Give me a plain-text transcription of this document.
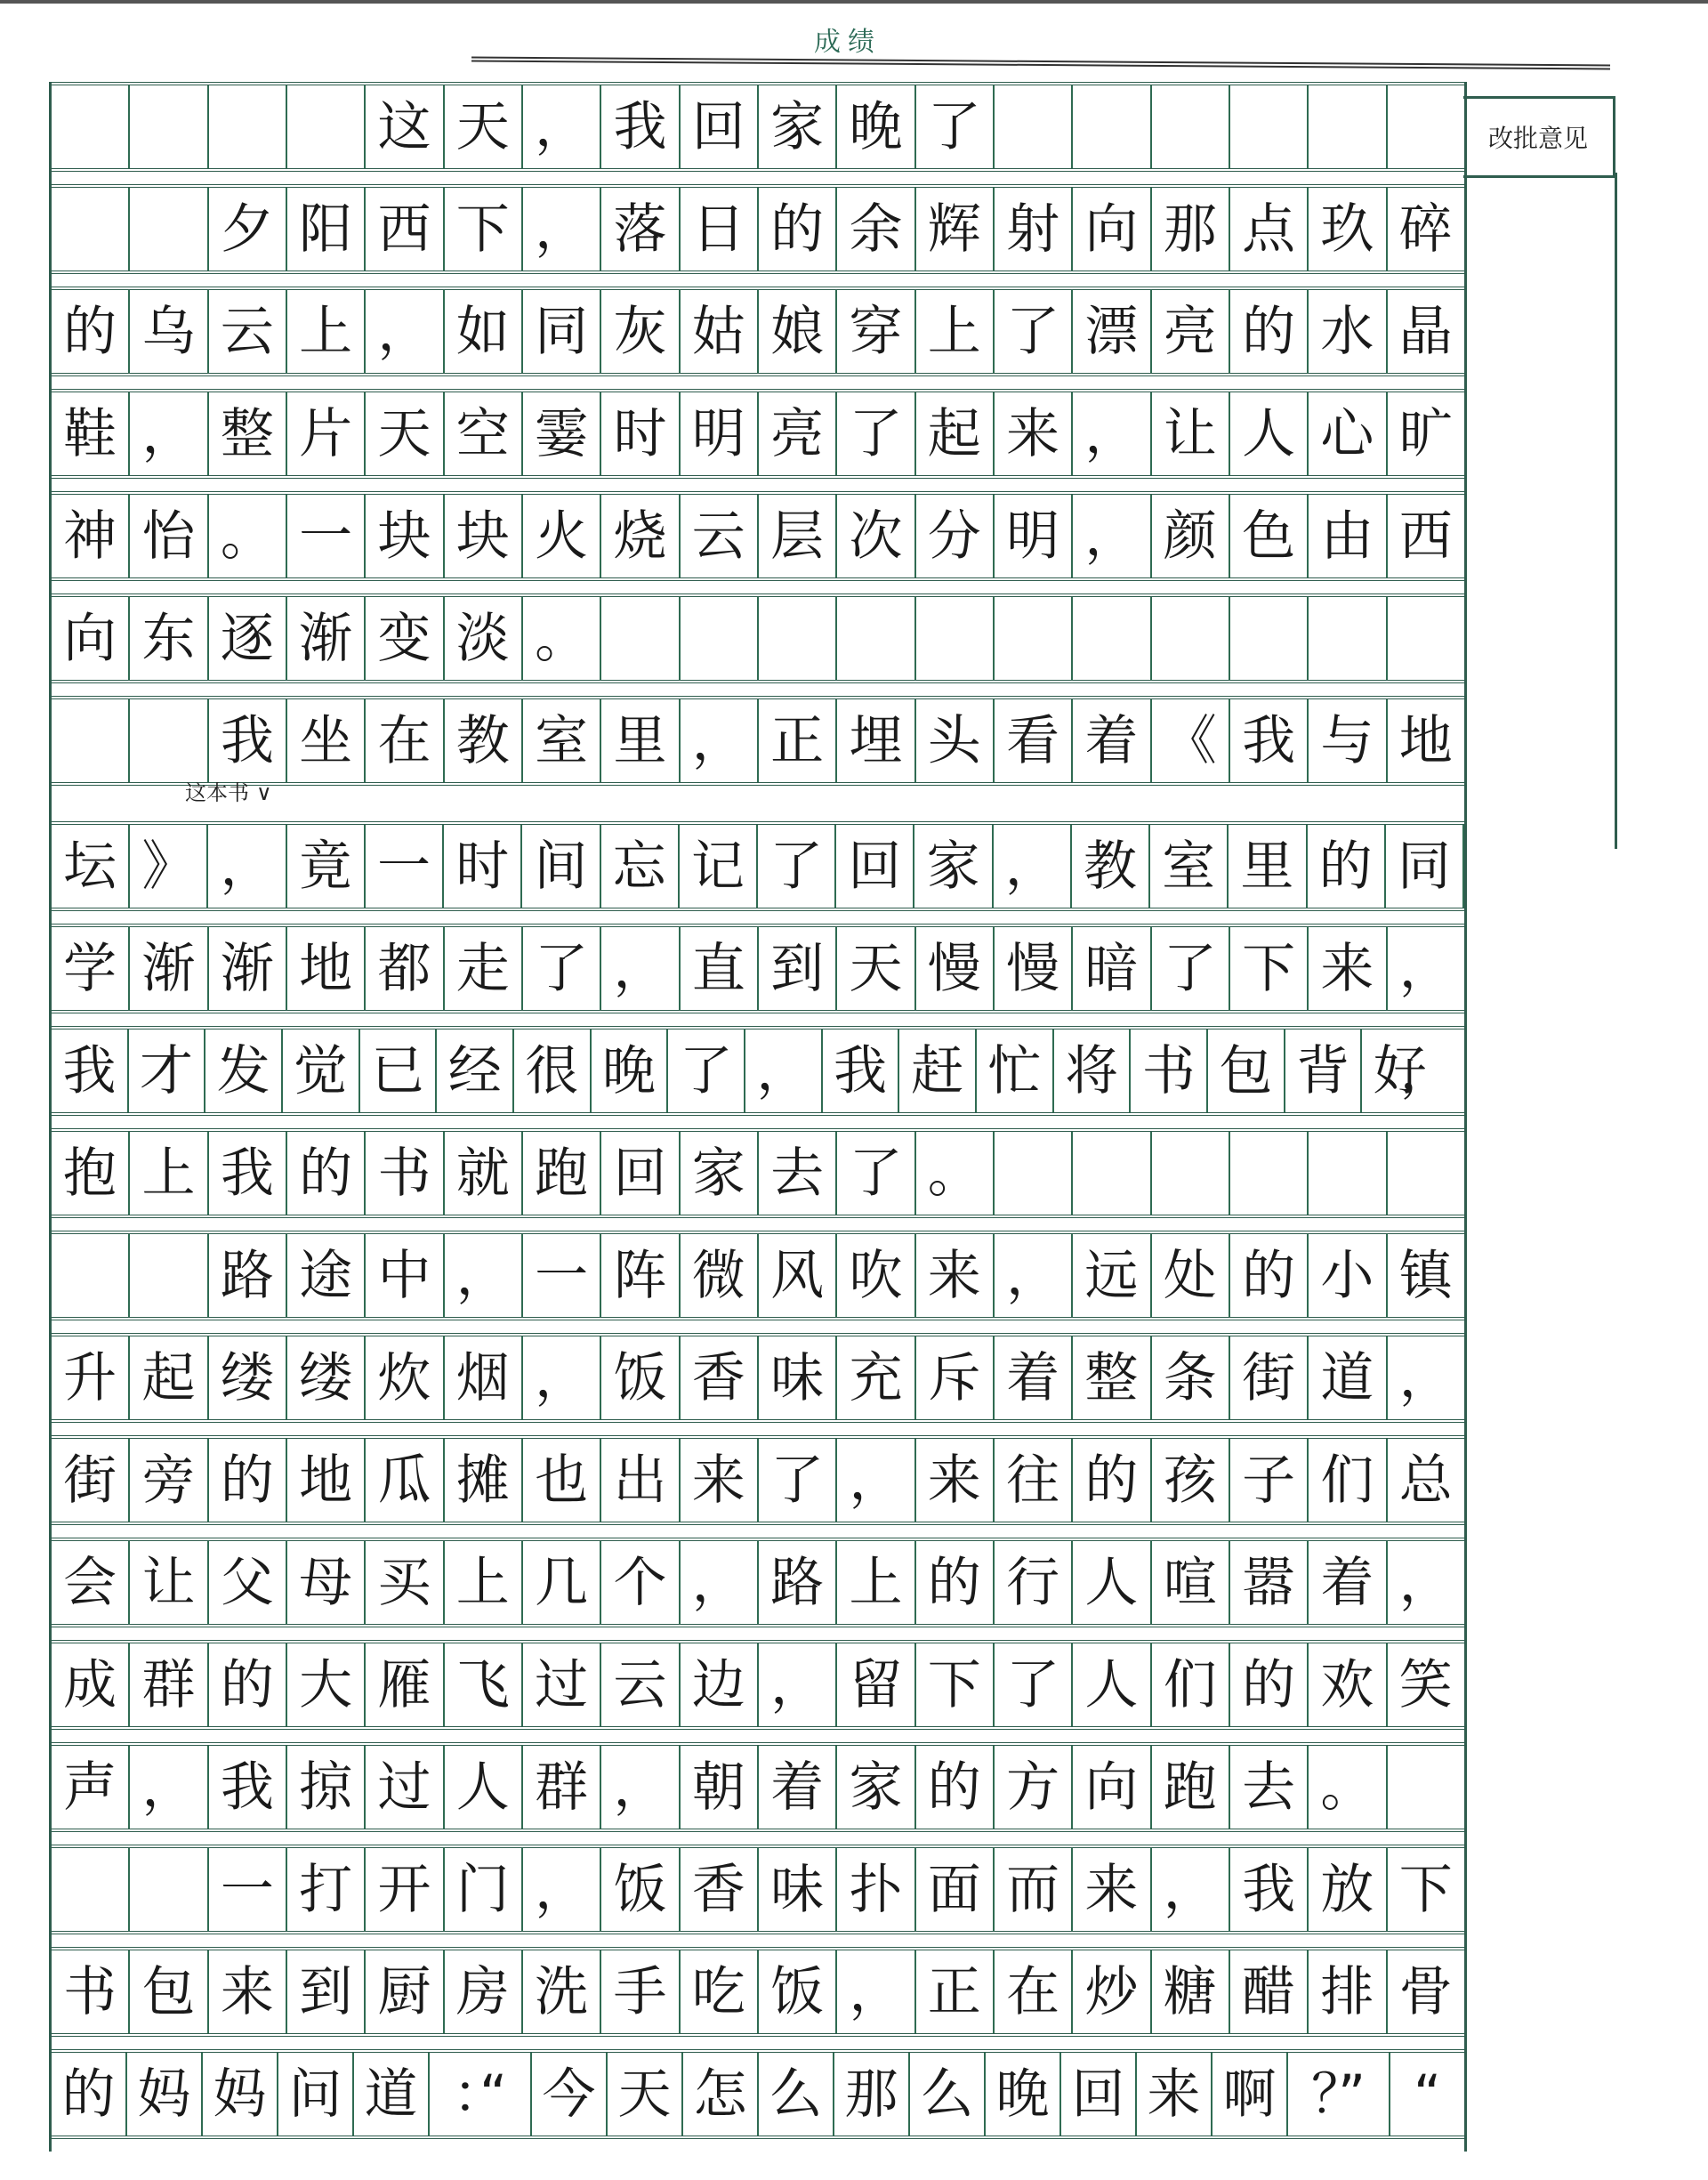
成绩
改批意见
这 天 ， 我 回 家 晚 了
夕 阳 西 下 ， 落 日 的 余 辉 射 向 那 点 玖 碎
的 乌 云 上 ， 如 同 灰 姑 娘 穿 上 了 漂 亮 的 水 晶
鞋 ， 整 片 天 空 霎 时 明 亮 了 起 来 ， 让 人 心 旷
神 怡 。 一 块 块 火 烧 云 层 次 分 明 ， 颜 色 由 西
向 东 逐 渐 变 淡 。
我 坐 在 教 室 里 ， 正 埋 头 看 着 《 我 与 地
坛 》 ， 竟 一 时 间 忘 记 了 回 家 ， 教 室 里 的 同
这本书 ∨
学 渐 渐 地 都 走 了 ， 直 到 天 慢 慢 暗 了 下 来 ，
我 才 发 觉 已 经 很 晚 了 ， 我 赶 忙 将 书 包 背 好，
抱 上 我 的 书 就 跑 回 家 去 了 。
路 途 中 ， 一 阵 微 风 吹 来 ， 远 处 的 小 镇
升 起 缕 缕 炊 烟 ， 饭 香 味 充 斥 着 整 条 街 道 ，
街 旁 的 地 瓜 摊 也 出 来 了 ， 来 往 的 孩 子 们 总
会 让 父 母 买 上 几 个 ， 路 上 的 行 人 喧 嚣 着 ，
成 群 的 大 雁 飞 过 云 边 ， 留 下 了 人 们 的 欢 笑
声 ， 我 掠 过 人 群 ， 朝 着 家 的 方 向 跑 去 。
一 打 开 门 ， 饭 香 味 扑 面 而 来 ， 我 放 下
书 包 来 到 厨 房 洗 手 吃 饭 ， 正 在 炒 糖 醋 排 骨
的 妈 妈 问 道 ：“	今 天 怎 么 那 么 晚 回 来 啊 ？”	“
